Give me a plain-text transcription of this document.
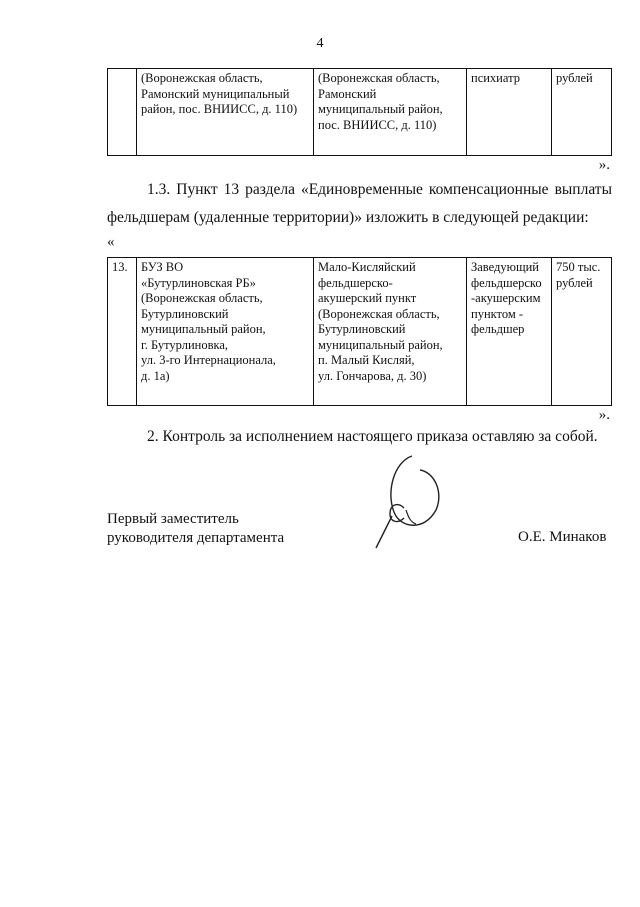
4
	(Воронежская область,
Рамонский муниципальный
район, пос. ВНИИСС, д. 110)	(Воронежская область,
Рамонский
муниципальный район,
пос. ВНИИСС, д. 110)	психиатр	рублей
».
1.3. Пункт 13 раздела «Единовременные компенсационные выплаты фельдшерам (удаленные территории)» изложить в следующей редакции:
«
13.	БУЗ ВО
«Бутурлиновская РБ»
(Воронежская область,
Бутурлиновский
муниципальный район,
г. Бутурлиновка,
ул. 3-го Интернационала,
д. 1а)	Мало-Кисляйский
фельдшерско-
акушерский пункт
(Воронежская область,
Бутурлиновский
муниципальный район,
п. Малый Кисляй,
ул. Гончарова, д. 30)	Заведующий
фельдшерско
-акушерским
пунктом -
фельдшер	750 тыс.
рублей
».
2. Контроль за исполнением настоящего приказа оставляю за собой.
Первый заместитель
руководителя департамента	О.Е. Минаков
